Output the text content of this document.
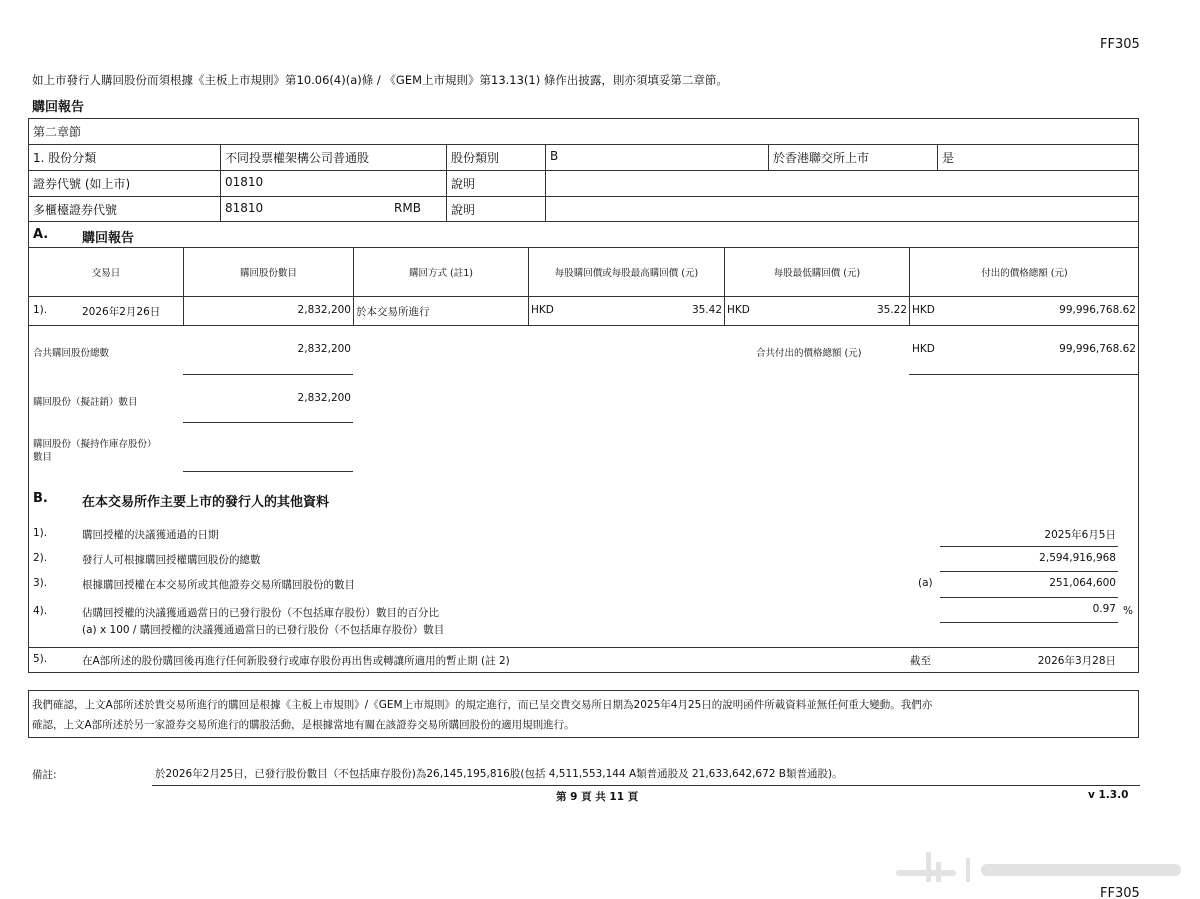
FF305
如上市發行人購回股份而須根據《主板上市規則》第10.06(4)(a)條 / 《GEM上市規則》第13.13(1) 條作出披露，則亦須填妥第二章節。
購回報告
第二章節
1. 股份分類	不同投票權架構公司普通股	股份類別	B	於香港聯交所上市	是
證券代號 (如上市)	01810	說明
多櫃檯證券代號	81810	RMB	說明
A.	購回報告
交易日	購回股份數目	購回方式 (註1)	每股購回價或每股最高購回價 (元)	每股最低購回價 (元)	付出的價格總額 (元)
1).	2026年2月26日	2,832,200 於本交易所進行	HKD	35.42 HKD	35.22 HKD	99,996,768.62
合共購回股份總數	2,832,200	合共付出的價格總額 (元)	HKD	99,996,768.62
購回股份（擬註銷）數目	2,832,200
購回股份（擬持作庫存股份）
數目
B.	在本交易所作主要上市的發行人的其他資料
1).	購回授權的決議獲通過的日期	2025年6月5日
2).	發行人可根據購回授權購回股份的總數	2,594,916,968
3).	根據購回授權在本交易所或其他證券交易所購回股份的數目	(a)	251,064,600
4).	佔購回授權的決議獲通過當日的已發行股份（不包括庫存股份）數目的百分比
(a) x 100 / 購回授權的決議獲通過當日的已發行股份（不包括庫存股份）數目
0.97 %
5).	在A部所述的股份購回後再進行任何新股發行或庫存股份再出售或轉讓所適用的暫止期 (註 2)	截至	2026年3月28日
我們確認，上文A部所述於貴交易所進行的購回是根據《主板上市規則》/《GEM上市規則》的規定進行，而已呈交貴交易所日期為2025年4月25日的說明函件所載資料並無任何重大變動。我們亦
確認，上文A部所述於另一家證券交易所進行的購股活動，是根據當地有關在該證券交易所購回股份的適用規則進行。
備註:	於2026年2月25日，已發行股份數目（不包括庫存股份)為26,145,195,816股(包括 4,511,553,144 A類普通股及 21,633,642,672 B類普通股)。
第 9 頁 共 11 頁	v 1.3.0
FF305
